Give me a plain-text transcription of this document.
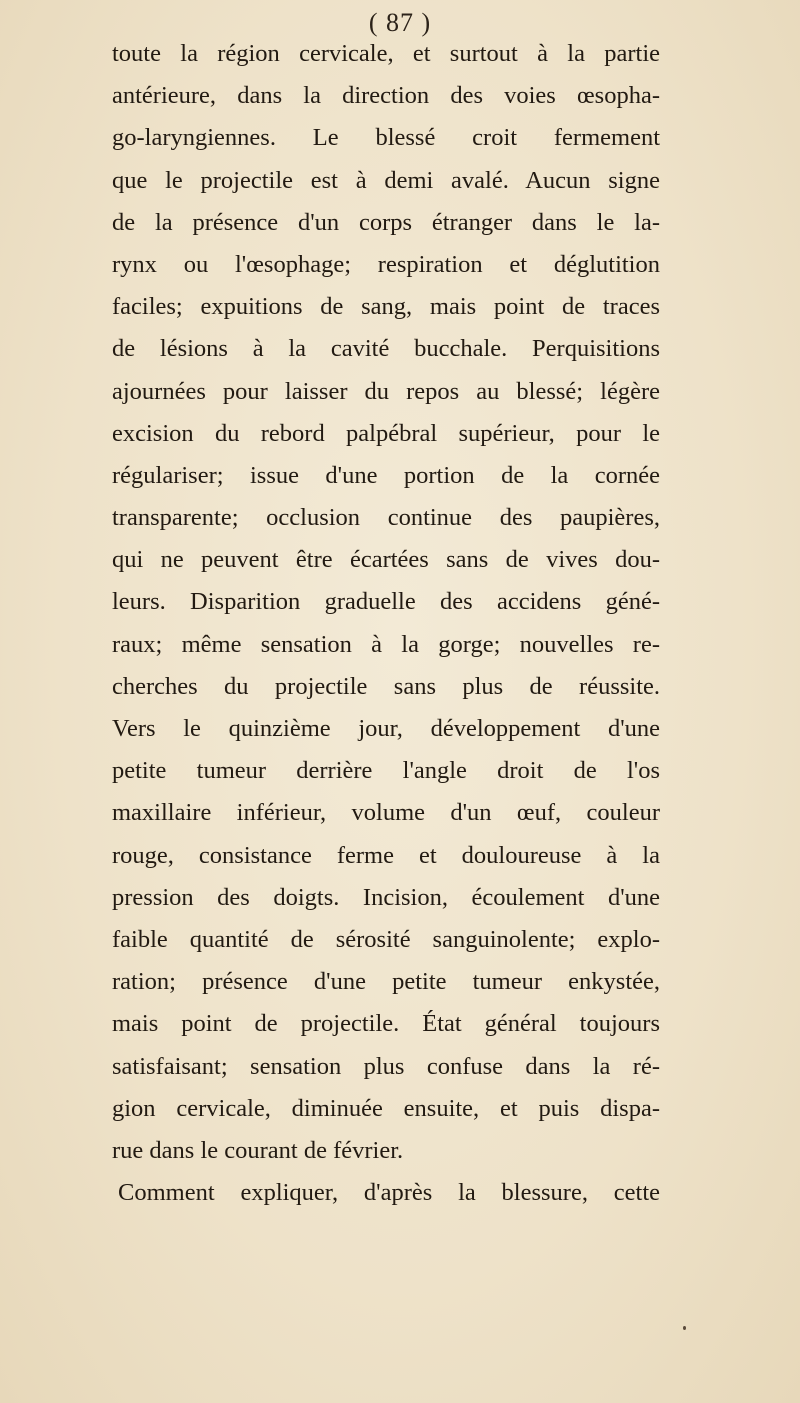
( 87 )
toute la région cervicale, et surtout à la partie
antérieure, dans la direction des voies œsopha-
go-laryngiennes. Le blessé croit fermement
que le projectile est à demi avalé. Aucun signe
de la présence d'un corps étranger dans le la-
rynx ou l'œsophage; respiration et déglutition
faciles; expuitions de sang, mais point de traces
de lésions à la cavité bucchale. Perquisitions
ajournées pour laisser du repos au blessé; légère
excision du rebord palpébral supérieur, pour le
régulariser; issue d'une portion de la cornée
transparente; occlusion continue des paupières,
qui ne peuvent être écartées sans de vives dou-
leurs. Disparition graduelle des accidens géné-
raux; même sensation à la gorge; nouvelles re-
cherches du projectile sans plus de réussite.
Vers le quinzième jour, développement d'une
petite tumeur derrière l'angle droit de l'os
maxillaire inférieur, volume d'un œuf, couleur
rouge, consistance ferme et douloureuse à la
pression des doigts. Incision, écoulement d'une
faible quantité de sérosité sanguinolente; explo-
ration; présence d'une petite tumeur enkystée,
mais point de projectile. État général toujours
satisfaisant; sensation plus confuse dans la ré-
gion cervicale, diminuée ensuite, et puis dispa-
rue dans le courant de février.
Comment expliquer, d'après la blessure, cette
